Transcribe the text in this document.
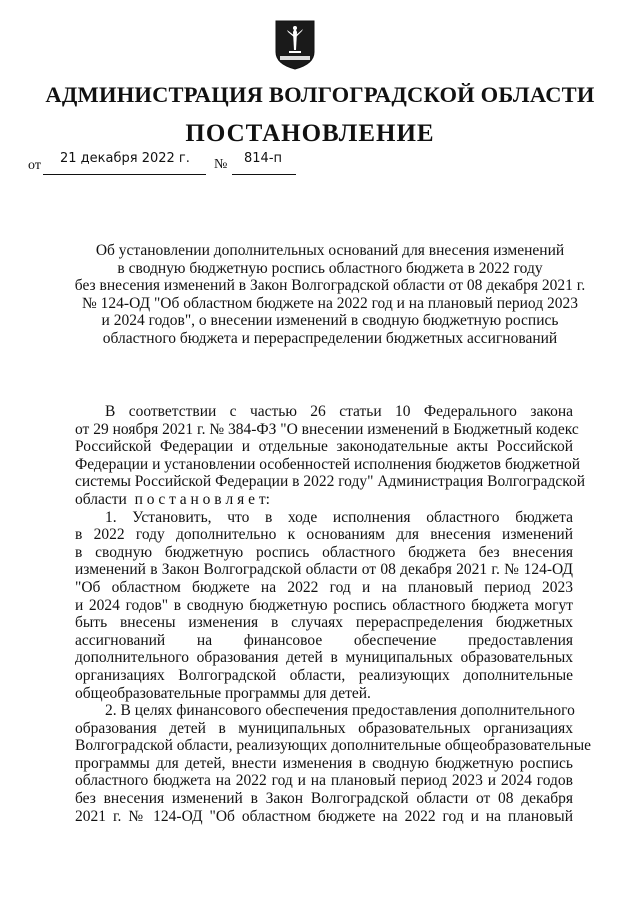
АДМИНИСТРАЦИЯ ВОЛГОГРАДСКОЙ ОБЛАСТИ
ПОСТАНОВЛЕНИЕ
от 21 декабря 2022 г. № 814-п
Об установлении дополнительных оснований для внесения изменений
в сводную бюджетную роспись областного бюджета в 2022 году
без внесения изменений в Закон Волгоградской области от 08 декабря 2021 г.
№ 124-ОД "Об областном бюджете на 2022 год и на плановый период 2023
и 2024 годов", о внесении изменений в сводную бюджетную роспись
областного бюджета и перераспределении бюджетных ассигнований
В соответствии с частью 26 статьи 10 Федерального закона
от 29 ноября 2021 г. № 384-ФЗ "О внесении изменений в Бюджетный кодекс
Российской Федерации и отдельные законодательные акты Российской
Федерации и установлении особенностей исполнения бюджетов бюджетной
системы Российской Федерации в 2022 году" Администрация Волгоградской
области  п о с т а н о в л я е т:
1. Установить, что в ходе исполнения областного бюджета
в 2022 году дополнительно к основаниям для внесения изменений
в сводную бюджетную роспись областного бюджета без внесения
изменений в Закон Волгоградской области от 08 декабря 2021 г. № 124-ОД
"Об областном бюджете на 2022 год и на плановый период 2023
и 2024 годов" в сводную бюджетную роспись областного бюджета могут
быть внесены изменения в случаях перераспределения бюджетных
ассигнований на финансовое обеспечение предоставления
дополнительного образования детей в муниципальных образовательных
организациях Волгоградской области, реализующих дополнительные
общеобразовательные программы для детей.
2. В целях финансового обеспечения предоставления дополнительного
образования детей в муниципальных образовательных организациях
Волгоградской области, реализующих дополнительные общеобразовательные
программы для детей, внести изменения в сводную бюджетную роспись
областного бюджета на 2022 год и на плановый период 2023 и 2024 годов
без внесения изменений в Закон Волгоградской области от 08 декабря
2021 г. № 124-ОД "Об областном бюджете на 2022 год и на плановый
